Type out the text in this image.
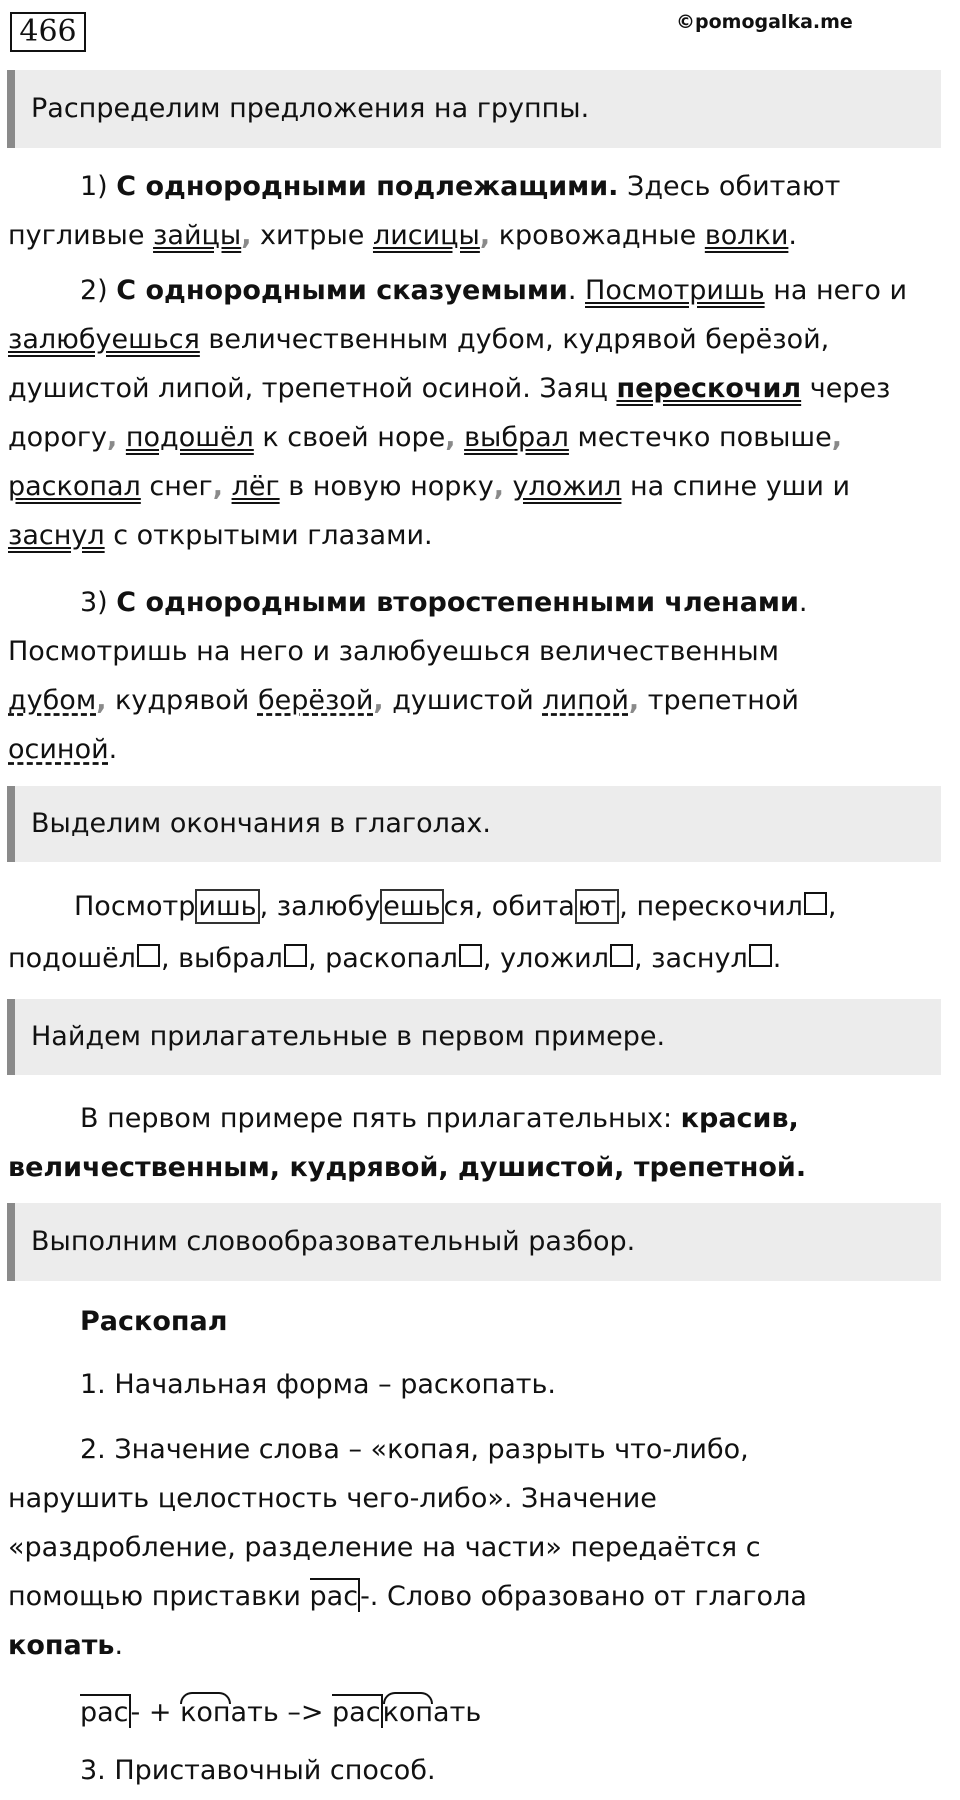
466	©pomogalka.me
Распределим предложения на группы.

1) С однородными подлежащими. Здесь обитают

пугливые зайцы, хитрые лисицы, кровожадные волки.

2) С однородными сказуемыми. Посмотришь на него и

залюбуешься величественным дубом, кудрявой берёзой,

душистой липой, трепетной осиной. Заяц перескочил через

дорогу, подошёл к своей норе, выбрал местечко повыше,

раскопал снег, лёг в новую норку, уложил на спине уши и

заснул с открытыми глазами.

3) С однородными второстепенными членами.

Посмотришь на него и залюбуешься величественным

дубом, кудрявой берёзой, душистой липой, трепетной

осиной.

Выделим окончания в глаголах.

Посмотр ишь , залюбу ешь ся, обита ют , перескочил ,

подошёл , выбрал , раскопал , уложил , заснул .

Найдем прилагательные в первом примере.

В первом примере пять прилагательных: красив,

величественным, кудрявой, душистой, трепетной.

Выполним словообразовательный разбор.

Раскопал

1. Начальная форма – раскопать.

2. Значение слова – «копая, разрыть что-либо,

нарушить целостность чего-либо». Значение

«раздробление, разделение на части» передаётся с

помощью приставки рас-. Слово образовано от глагола

копать.

рас- + копать –> раскопать

3. Приставочный способ.
